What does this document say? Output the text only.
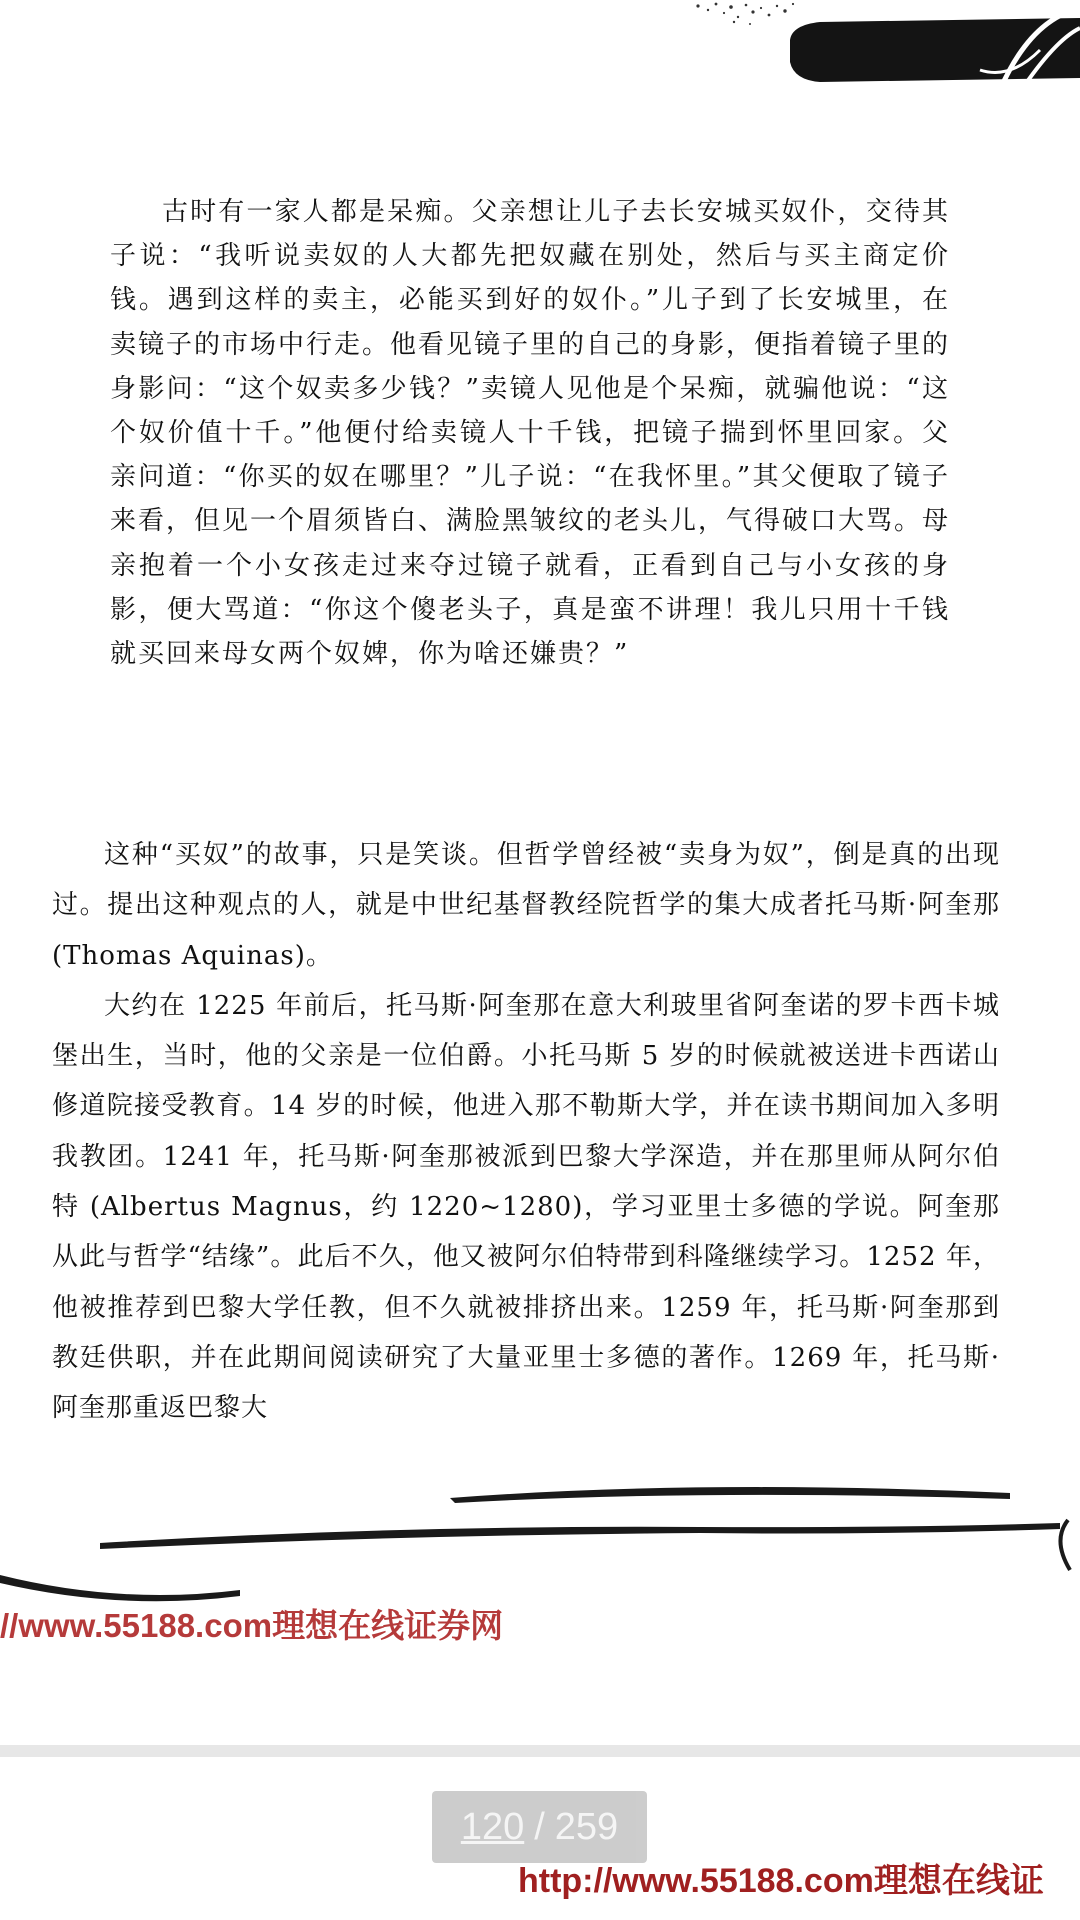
古时有一家人都是呆痴。父亲想让儿子去长安城买奴仆，交待其子说：“我听说卖奴的人大都先把奴藏在别处，然后与买主商定价钱。遇到这样的卖主，必能买到好的奴仆。”儿子到了长安城里，在卖镜子的市场中行走。他看见镜子里的自己的身影，便指着镜子里的身影问：“这个奴卖多少钱？”卖镜人见他是个呆痴，就骗他说：“这个奴价值十千。”他便付给卖镜人十千钱，把镜子揣到怀里回家。父亲问道：“你买的奴在哪里？”儿子说：“在我怀里。”其父便取了镜子来看，但见一个眉须皆白、满脸黑皱纹的老头儿，气得破口大骂。母亲抱着一个小女孩走过来夺过镜子就看，正看到自己与小女孩的身影，便大骂道：“你这个傻老头子，真是蛮不讲理！我儿只用十千钱就买回来母女两个奴婢，你为啥还嫌贵？”

这种“买奴”的故事，只是笑谈。但哲学曾经被“卖身为奴”，倒是真的出现过。提出这种观点的人，就是中世纪基督教经院哲学的集大成者托马斯·阿奎那 (Thomas Aquinas)。

大约在 1225 年前后，托马斯·阿奎那在意大利玻里省阿奎诺的罗卡西卡城堡出生，当时，他的父亲是一位伯爵。小托马斯 5 岁的时候就被送进卡西诺山修道院接受教育。14 岁的时候，他进入那不勒斯大学，并在读书期间加入多明我教团。1241 年，托马斯·阿奎那被派到巴黎大学深造，并在那里师从阿尔伯特 (Albertus Magnus，约 1220~1280)，学习亚里士多德的学说。阿奎那从此与哲学“结缘”。此后不久，他又被阿尔伯特带到科隆继续学习。1252 年，他被推荐到巴黎大学任教，但不久就被排挤出来。1259 年，托马斯·阿奎那到教廷供职，并在此期间阅读研究了大量亚里士多德的著作。1269 年，托马斯·阿奎那重返巴黎大

//www.55188.com理想在线证券网
120 / 259
http://www.55188.com理想在线证
